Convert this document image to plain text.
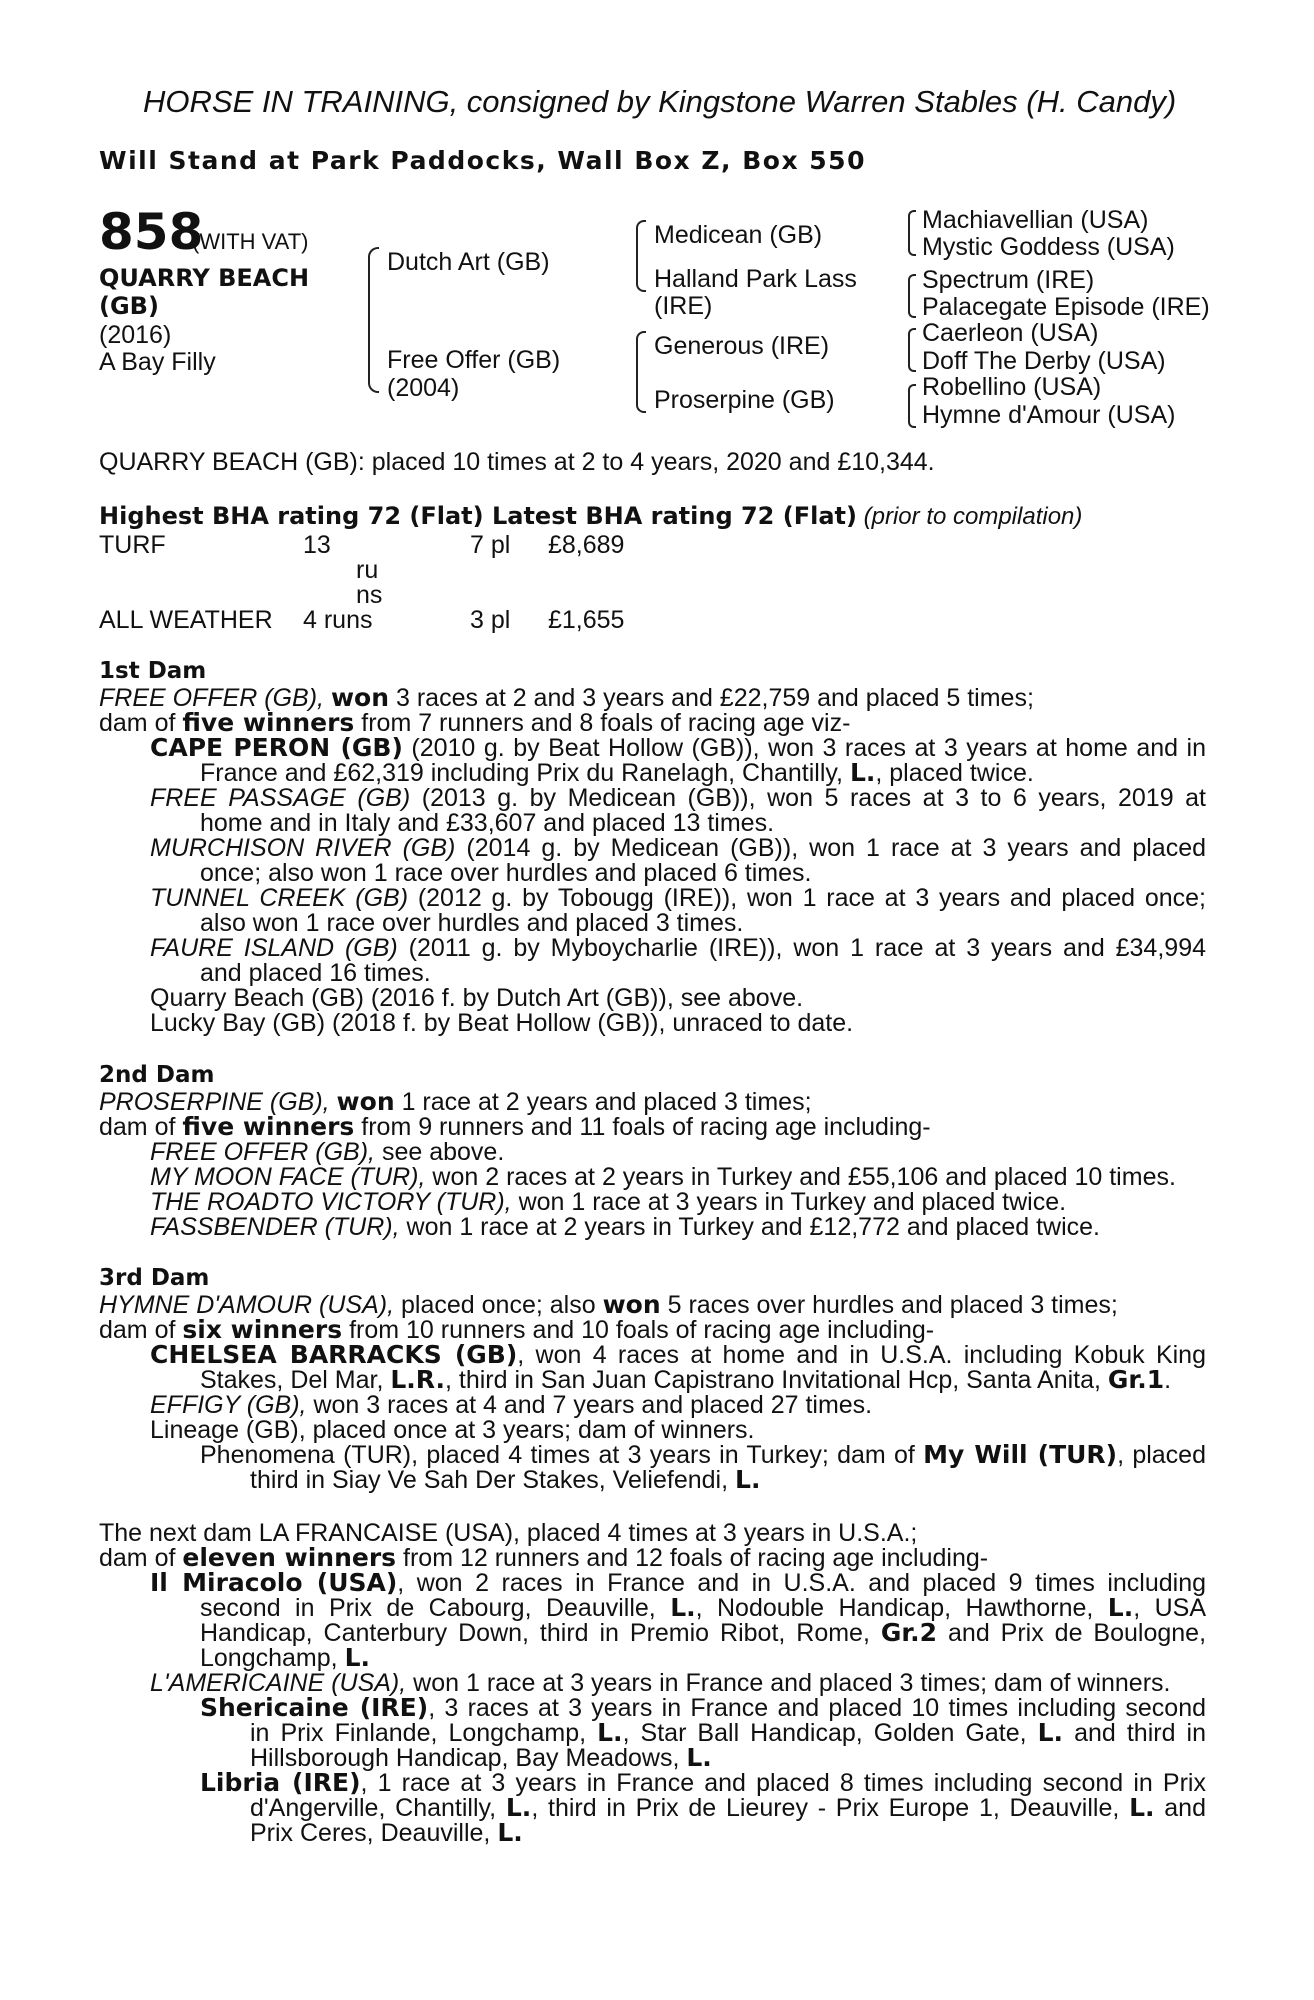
HORSE IN TRAINING, consigned by Kingstone Warren Stables (H. Candy)
Will Stand at Park Paddocks, Wall Box Z, Box 550
858
(WITH VAT)
QUARRY BEACH
(GB)
(2016)
A Bay Filly
Dutch Art (GB)
Free Offer (GB)
(2004)
Medicean (GB)
Halland Park Lass
(IRE)
Generous (IRE)
Proserpine (GB)
Machiavellian (USA)
Mystic Goddess (USA)
Spectrum (IRE)
Palacegate Episode (IRE)
Caerleon (USA)
Doff The Derby (USA)
Robellino (USA)
Hymne d'Amour (USA)
QUARRY BEACH (GB): placed 10 times at 2 to 4 years, 2020 and £10,344.
Highest BHA rating 72 (Flat) Latest BHA rating 72 (Flat) (prior to compilation)
TURF	13
ru
ns
7 pl £8,689
ALL WEATHER 4 runs	3 pl £1,655
1st Dam
FREE OFFER (GB), won 3 races at 2 and 3 years and £22,759 and placed 5 times;
dam of five winners from 7 runners and 8 foals of racing age viz-
CAPE PERON (GB) (2010 g. by Beat Hollow (GB)), won 3 races at 3 years at home and in
France and £62,319 including Prix du Ranelagh, Chantilly, L., placed twice.
FREE PASSAGE (GB) (2013 g. by Medicean (GB)), won 5 races at 3 to 6 years, 2019 at
home and in Italy and £33,607 and placed 13 times.
MURCHISON RIVER (GB) (2014 g. by Medicean (GB)), won 1 race at 3 years and placed
once; also won 1 race over hurdles and placed 6 times.
TUNNEL CREEK (GB) (2012 g. by Tobougg (IRE)), won 1 race at 3 years and placed once;
also won 1 race over hurdles and placed 3 times.
FAURE ISLAND (GB) (2011 g. by Myboycharlie (IRE)), won 1 race at 3 years and £34,994
and placed 16 times.
Quarry Beach (GB) (2016 f. by Dutch Art (GB)), see above.
Lucky Bay (GB) (2018 f. by Beat Hollow (GB)), unraced to date.
2nd Dam
PROSERPINE (GB), won 1 race at 2 years and placed 3 times;
dam of five winners from 9 runners and 11 foals of racing age including-
FREE OFFER (GB), see above.
MY MOON FACE (TUR), won 2 races at 2 years in Turkey and £55,106 and placed 10 times.
THE ROADTO VICTORY (TUR), won 1 race at 3 years in Turkey and placed twice.
FASSBENDER (TUR), won 1 race at 2 years in Turkey and £12,772 and placed twice.
3rd Dam
HYMNE D'AMOUR (USA), placed once; also won 5 races over hurdles and placed 3 times;
dam of six winners from 10 runners and 10 foals of racing age including-
CHELSEA BARRACKS (GB), won 4 races at home and in U.S.A. including Kobuk King
Stakes, Del Mar, L.R., third in San Juan Capistrano Invitational Hcp, Santa Anita, Gr.1.
EFFIGY (GB), won 3 races at 4 and 7 years and placed 27 times.
Lineage (GB), placed once at 3 years; dam of winners.
Phenomena (TUR), placed 4 times at 3 years in Turkey; dam of My Will (TUR), placed
third in Siay Ve Sah Der Stakes, Veliefendi, L.
The next dam LA FRANCAISE (USA), placed 4 times at 3 years in U.S.A.;
dam of eleven winners from 12 runners and 12 foals of racing age including-
Il Miracolo (USA), won 2 races in France and in U.S.A. and placed 9 times including
second in Prix de Cabourg, Deauville, L., Nodouble Handicap, Hawthorne, L., USA
Handicap, Canterbury Down, third in Premio Ribot, Rome, Gr.2 and Prix de Boulogne,
Longchamp, L.
L'AMERICAINE (USA), won 1 race at 3 years in France and placed 3 times; dam of winners.
Shericaine (IRE), 3 races at 3 years in France and placed 10 times including second
in Prix Finlande, Longchamp, L., Star Ball Handicap, Golden Gate, L. and third in
Hillsborough Handicap, Bay Meadows, L.
Libria (IRE), 1 race at 3 years in France and placed 8 times including second in Prix
d'Angerville, Chantilly, L., third in Prix de Lieurey - Prix Europe 1, Deauville, L. and
Prix Ceres, Deauville, L.
